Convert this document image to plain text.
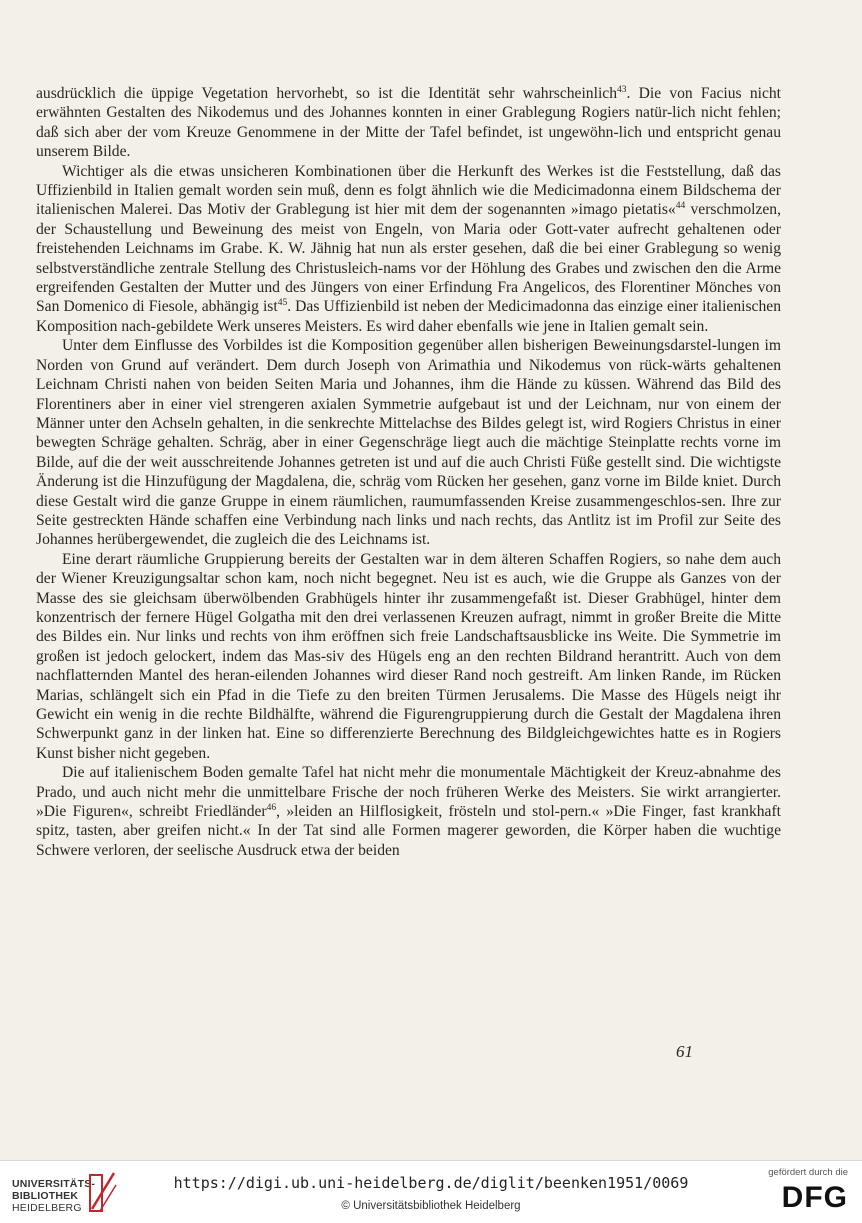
ausdrücklich die üppige Vegetation hervorhebt, so ist die Identität sehr wahrscheinlich$^{43}$. Die von Facius nicht erwähnten Gestalten des Nikodemus und des Johannes konnten in einer Grablegung Rogiers natür-lich nicht fehlen; daß sich aber der vom Kreuze Genommene in der Mitte der Tafel befindet, ist ungewöhn-lich und entspricht genau unserem Bilde.

Wichtiger als die etwas unsicheren Kombinationen über die Herkunft des Werkes ist die Feststellung, daß das Uffizienbild in Italien gemalt worden sein muß, denn es folgt ähnlich wie die Medicimadonna einem Bildschema der italienischen Malerei. Das Motiv der Grablegung ist hier mit dem der sogenannten »imago pietatis«$^{44}$ verschmolzen, der Schaustellung und Beweinung des meist von Engeln, von Maria oder Gott-vater aufrecht gehaltenen oder freistehenden Leichnams im Grabe. K. W. Jähnig hat nun als erster gesehen, daß die bei einer Grablegung so wenig selbstverständliche zentrale Stellung des Christusleich-nams vor der Höhlung des Grabes und zwischen den die Arme ergreifenden Gestalten der Mutter und des Jüngers von einer Erfindung Fra Angelicos, des Florentiner Mönches von San Domenico di Fiesole, abhängig ist$^{45}$. Das Uffizienbild ist neben der Medicimadonna das einzige einer italienischen Komposition nach-gebildete Werk unseres Meisters. Es wird daher ebenfalls wie jene in Italien gemalt sein.

Unter dem Einflusse des Vorbildes ist die Komposition gegenüber allen bisherigen Beweinungsdarstel-lungen im Norden von Grund auf verändert. Dem durch Joseph von Arimathia und Nikodemus von rück-wärts gehaltenen Leichnam Christi nahen von beiden Seiten Maria und Johannes, ihm die Hände zu küssen. Während das Bild des Florentiners aber in einer viel strengeren axialen Symmetrie aufgebaut ist und der Leichnam, nur von einem der Männer unter den Achseln gehalten, in die senkrechte Mittelachse des Bildes gelegt ist, wird Rogiers Christus in einer bewegten Schräge gehalten. Schräg, aber in einer Gegenschräge liegt auch die mächtige Steinplatte rechts vorne im Bilde, auf die der weit ausschreitende Johannes getreten ist und auf die auch Christi Füße gestellt sind. Die wichtigste Änderung ist die Hinzufügung der Magdalena, die, schräg vom Rücken her gesehen, ganz vorne im Bilde kniet. Durch diese Gestalt wird die ganze Gruppe in einem räumlichen, raumumfassenden Kreise zusammengeschlos-sen. Ihre zur Seite gestreckten Hände schaffen eine Verbindung nach links und nach rechts, das Antlitz ist im Profil zur Seite des Johannes herübergewendet, die zugleich die des Leichnams ist.

Eine derart räumliche Gruppierung bereits der Gestalten war in dem älteren Schaffen Rogiers, so nahe dem auch der Wiener Kreuzigungsaltar schon kam, noch nicht begegnet. Neu ist es auch, wie die Gruppe als Ganzes von der Masse des sie gleichsam überwölbenden Grabhügels hinter ihr zusammengefaßt ist. Dieser Grabhügel, hinter dem konzentrisch der fernere Hügel Golgatha mit den drei verlassenen Kreuzen aufragt, nimmt in großer Breite die Mitte des Bildes ein. Nur links und rechts von ihm eröffnen sich freie Landschaftsausblicke ins Weite. Die Symmetrie im großen ist jedoch gelockert, indem das Mas-siv des Hügels eng an den rechten Bildrand herantritt. Auch von dem nachflatternden Mantel des heran-eilenden Johannes wird dieser Rand noch gestreift. Am linken Rande, im Rücken Marias, schlängelt sich ein Pfad in die Tiefe zu den breiten Türmen Jerusalems. Die Masse des Hügels neigt ihr Gewicht ein wenig in die rechte Bildhälfte, während die Figurengruppierung durch die Gestalt der Magdalena ihren Schwerpunkt ganz in der linken hat. Eine so differenzierte Berechnung des Bildgleichgewichtes hatte es in Rogiers Kunst bisher nicht gegeben.

Die auf italienischem Boden gemalte Tafel hat nicht mehr die monumentale Mächtigkeit der Kreuz-abnahme des Prado, und auch nicht mehr die unmittelbare Frische der noch früheren Werke des Meisters. Sie wirkt arrangierter. »Die Figuren«, schreibt Friedländer$^{46}$, »leiden an Hilflosigkeit, frösteln und stol-pern.« »Die Finger, fast krankhaft spitz, tasten, aber greifen nicht.« In der Tat sind alle Formen magerer geworden, die Körper haben die wuchtige Schwere verloren, der seelische Ausdruck etwa der beiden

61
UNIVERSITÄTS-
BIBLIOTHEK
HEIDELBERG
https://digi.ub.uni-heidelberg.de/diglit/beenken1951/0069
© Universitätsbibliothek Heidelberg
gefördert durch die
DFG
